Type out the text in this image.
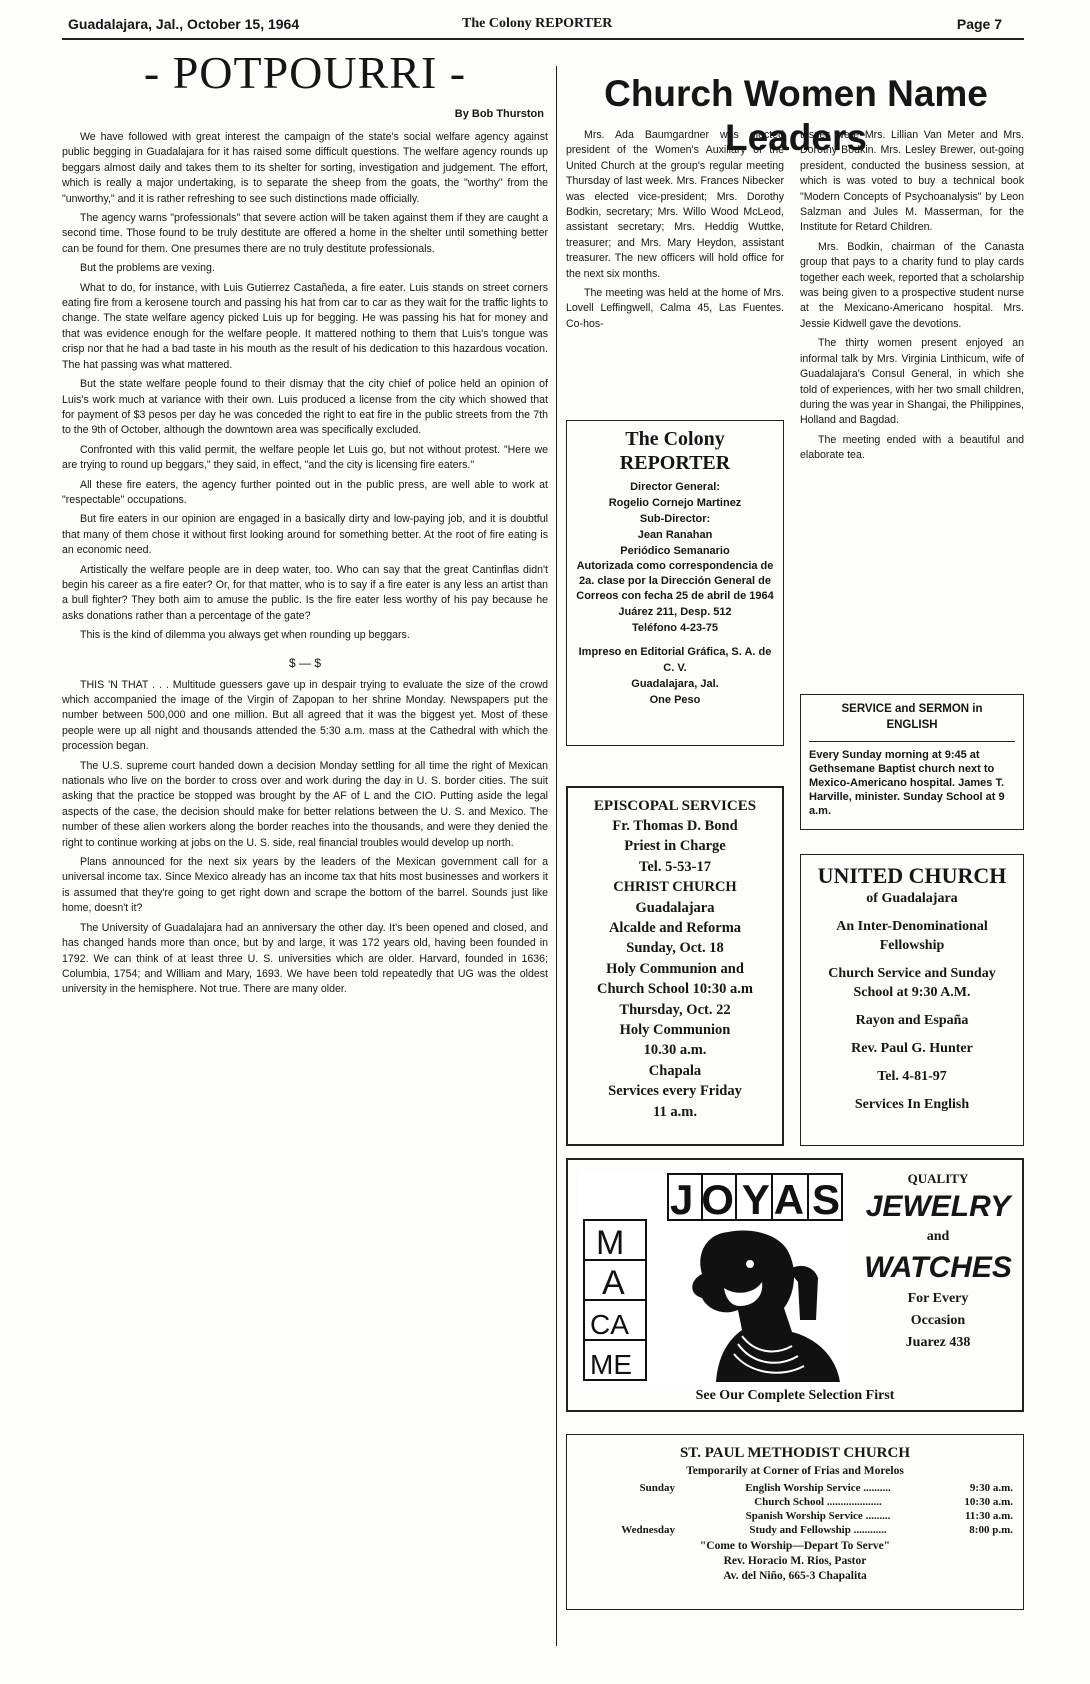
Guadalajara, Jal., October 15, 1964	The Colony REPORTER	Page 7
- POTPOURRI -
By Bob Thurston

We have followed with great interest the campaign of the state's social welfare agency against public begging in Guadalajara for it has raised some difficult questions. The welfare agency rounds up beggars almost daily and takes them to its shelter for sorting, investigation and judgement. The effort, which is really a major undertaking, is to separate the sheep from the goats, the "worthy" from the "unworthy," and it is rather refreshing to see such distinctions made officially.

The agency warns "professionals" that severe action will be taken against them if they are caught a second time. Those found to be truly destitute are offered a home in the shelter until something better can be found for them. One presumes there are no truly destitute professionals.

But the problems are vexing.

What to do, for instance, with Luis Gutierrez Castañeda, a fire eater. Luis stands on street corners eating fire from a kerosene tourch and passing his hat from car to car as they wait for the traffic lights to change. The state welfare agency picked Luis up for begging. He was passing his hat for money and that was evidence enough for the welfare people. It mattered nothing to them that Luis's tongue was crisp nor that he had a bad taste in his mouth as the result of his dedication to this hazardous vocation. The hat passing was what mattered.

But the state welfare people found to their dismay that the city chief of police held an opinion of Luis's work much at variance with their own. Luis produced a license from the city which showed that for payment of $3 pesos per day he was conceded the right to eat fire in the public streets from the 7th to the 9th of October, although the downtown area was specifically excluded.

Confronted with this valid permit, the welfare people let Luis go, but not without protest. "Here we are trying to round up beggars," they said, in effect, "and the city is licensing fire eaters."

All these fire eaters, the agency further pointed out in the public press, are well able to work at "respectable" occupations.

But fire eaters in our opinion are engaged in a basically dirty and low-paying job, and it is doubtful that many of them chose it without first looking around for something better. At the root of fire eating is an economic need.

Artistically the welfare people are in deep water, too. Who can say that the great Cantinflas didn't begin his career as a fire eater? Or, for that matter, who is to say if a fire eater is any less an artist than a bull fighter? They both aim to amuse the public. Is the fire eater less worthy of his pay because he asks donations rather than a percentage of the gate?

This is the kind of dilemma you always get when rounding up beggars.

$ — $

THIS 'N THAT . . . Multitude guessers gave up in despair trying to evaluate the size of the crowd which accompanied the image of the Virgin of Zapopan to her shrine Monday. Newspapers put the number between 500,000 and one million. But all agreed that it was the biggest yet. Most of these people were up all night and thousands attended the 5:30 a.m. mass at the Cathedral with which the procession began.

The U.S. supreme court handed down a decision Monday settling for all time the right of Mexican nationals who live on the border to cross over and work during the day in U. S. border cities. The suit asking that the practice be stopped was brought by the AF of L and the CIO. Putting aside the legal aspects of the case, the decision should make for better relations between the U. S. and Mexico. The number of these alien workers along the border reaches into the thousands, and were they denied the right to continue working at jobs on the U. S. side, real financial troubles would develop up north.

Plans announced for the next six years by the leaders of the Mexican government call for a universal income tax. Since Mexico already has an income tax that hits most businesses and workers it is assumed that they're going to get right down and scrape the bottom of the barrel. Sounds just like home, doesn't it?

The University of Guadalajara had an anniversary the other day. It's been opened and closed, and has changed hands more than once, but by and large, it was 172 years old, having been founded in 1792. We can think of at least three U. S. universities which are older. Harvard, founded in 1636; Columbia, 1754; and William and Mary, 1693. We have been told repeatedly that UG was the oldest university in the hemisphere. Not true. There are many older.

Church Women Name Leaders

Mrs. Ada Baumgardner was elected president of the Women's Auxiliary of the United Church at the group's regular meeting Thursday of last week. Mrs. Frances Nibecker was elected vice-president; Mrs. Dorothy Bodkin, secretary; Mrs. Willo Wood McLeod, assistant secretary; Mrs. Heddig Wuttke, treasurer; and Mrs. Mary Heydon, assistant treasurer. The new officers will hold office for the next six months.

The meeting was held at the home of Mrs. Lovell Leffingwell, Calma 45, Las Fuentes. Co-hos-

tesses were Mrs. Lillian Van Meter and Mrs. Dorothy Bodkin. Mrs. Lesley Brewer, out-going president, conducted the business session, at which is was voted to buy a technical book "Modern Concepts of Psychoanalysis" by Leon Salzman and Jules M. Masserman, for the Institute for Retard Children.

Mrs. Bodkin, chairman of the Canasta group that pays to a charity fund to play cards together each week, reported that a scholarship was being given to a prospective student nurse at the Mexicano-Americano hospital. Mrs. Jessie Kidwell gave the devotions.

The thirty women present enjoyed an informal talk by Mrs. Virginia Linthicum, wife of Guadalajara's Consul General, in which she told of experiences, with her two small children, during the was year in Shangai, the Philippines, Holland and Bagdad.

The meeting ended with a beautiful and elaborate tea.

The Colony REPORTER
Director General:
Rogelio Cornejo Martinez
Sub-Director:
Jean Ranahan
Periódico Semanario
Autorizada como correspondencia de 2a. clase por la Dirección General de Correos con fecha 25 de abril de 1964
Juárez 211, Desp. 512
Teléfono 4-23-75
Impreso en Editorial Gráfica, S. A. de C. V.
Guadalajara, Jal.
One Peso
EPISCOPAL SERVICES
Fr. Thomas D. Bond
Priest in Charge
Tel. 5-53-17
CHRIST CHURCH
Guadalajara
Alcalde and Reforma
Sunday, Oct. 18
Holy Communion and
Church School 10:30 a.m
Thursday, Oct. 22
Holy Communion
10.30 a.m.
Chapala
Services every Friday
11 a.m.
SERVICE and SERMON in ENGLISH
Every Sunday morning at 9:45 at Gethsemane Baptist church next to Mexico-Americano hospital. James T. Harville, minister. Sunday School at 9 a.m.
UNITED CHURCH
of Guadalajara
An Inter-Denominational Fellowship
Church Service and Sunday School at 9:30 A.M.
Rayon and España
Rev. Paul G. Hunter
Tel. 4-81-97
Services In English
JOYAS
M
A
CA
ME
QUALITY
JEWELRY
and
WATCHES
For Every
Occasion
Juarez 438
See Our Complete Selection First
ST. PAUL METHODIST CHURCH
Temporarily at Corner of Frias and Morelos
Sunday	English Worship Service ..........	9:30 a.m.
Church School ....................	10:30 a.m.
Spanish Worship Service .........	11:30 a.m.
Wednesday	Study and Fellowship ............	8:00 p.m.
"Come to Worship—Depart To Serve"
Rev. Horacio M. Rios, Pastor
Av. del Niño, 665-3 Chapalita
